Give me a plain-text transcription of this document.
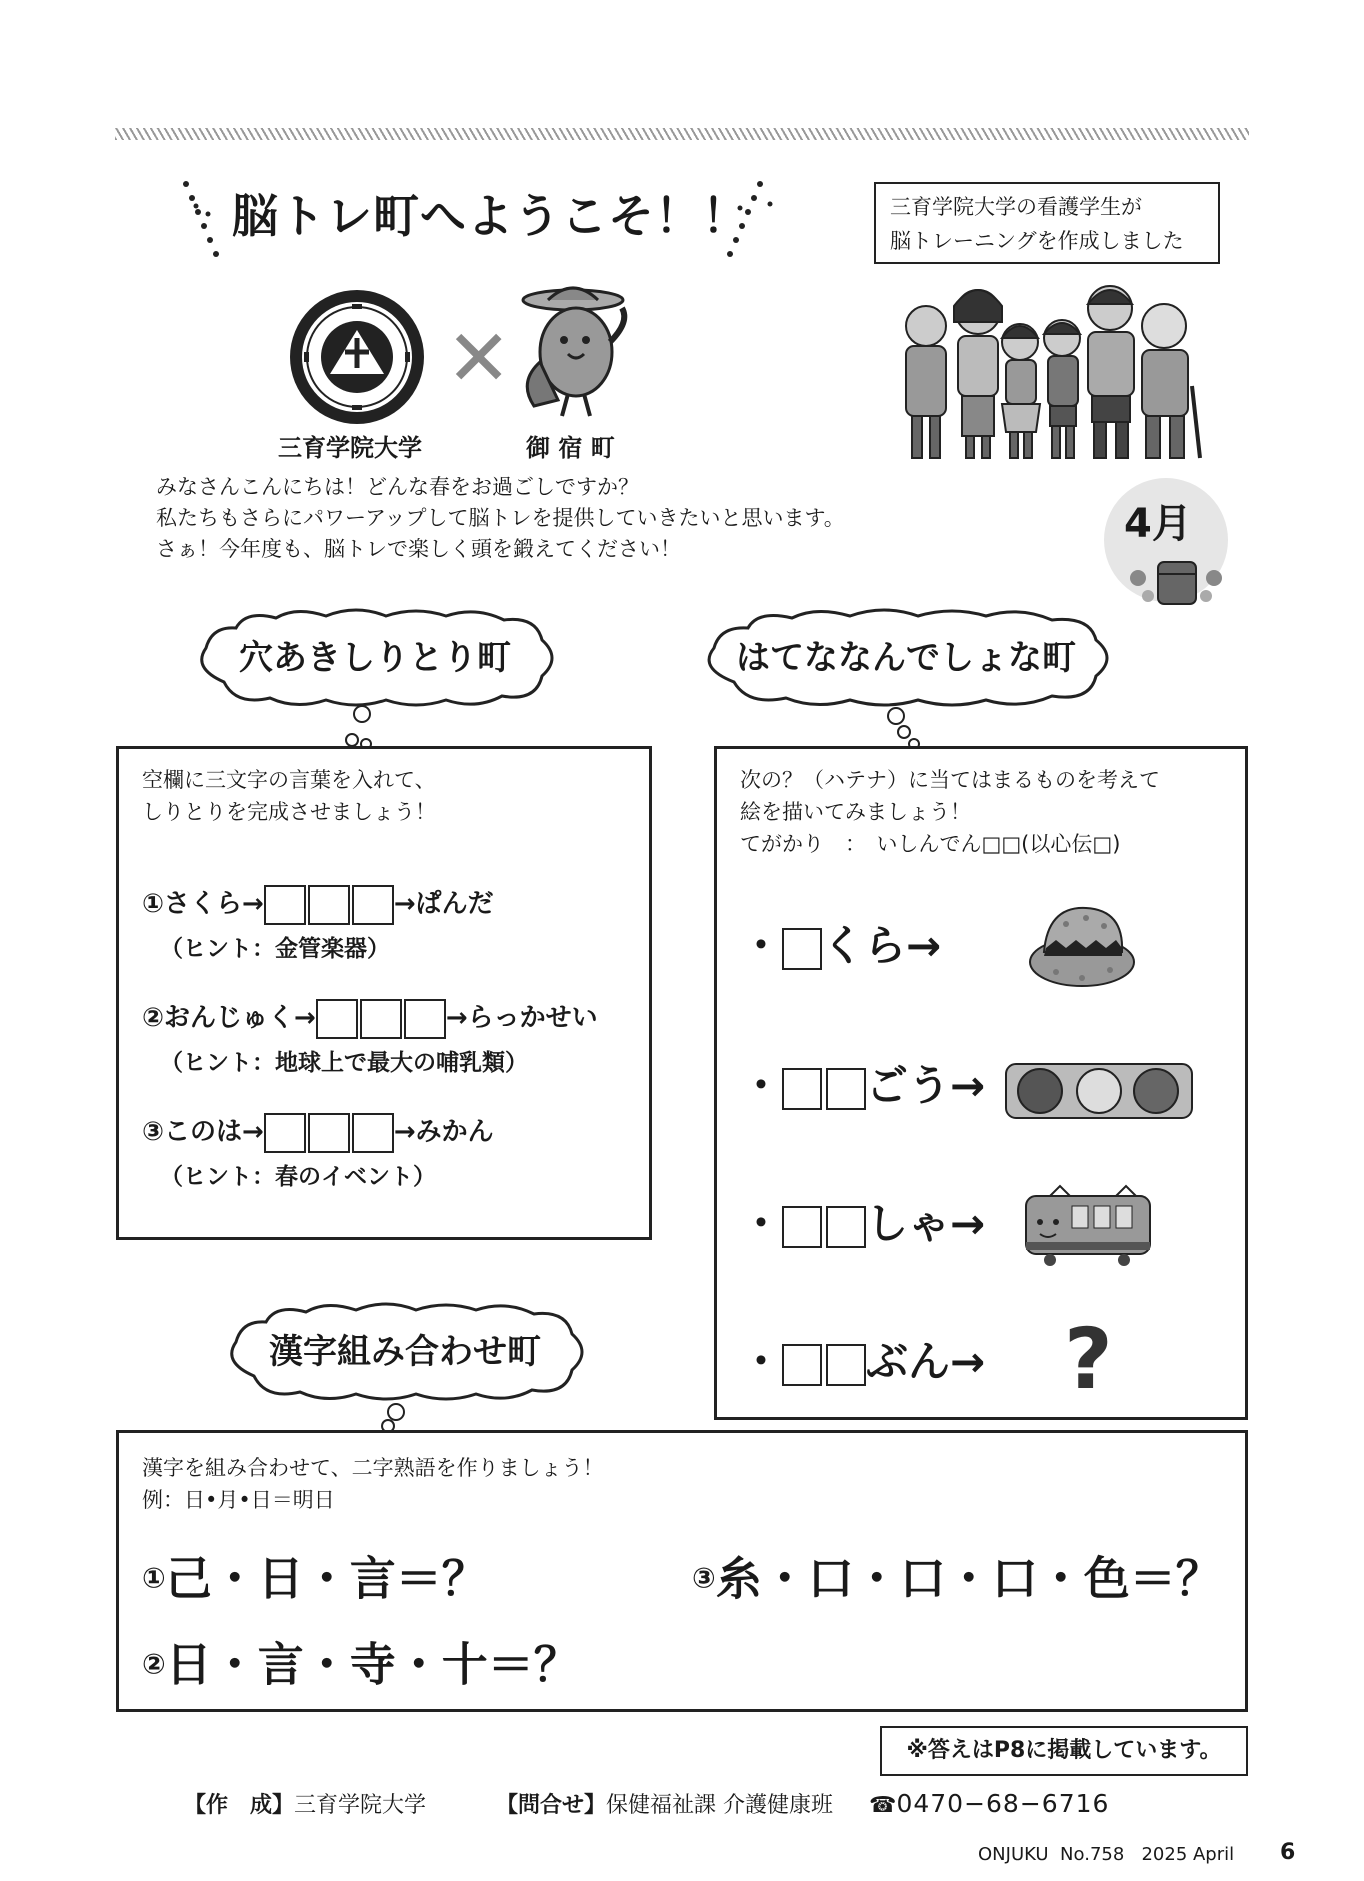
脳トレ町へようこそ！！	三育学院大学の看護学生が
脳トレーニングを作成しました
✕
三育学院大学	御 宿 町
みなさんこんにちは！どんな春をお過ごしですか？
私たちもさらにパワーアップして脳トレを提供していきたいと思います。
さぁ！今年度も、脳トレで楽しく頭を鍛えてください！
4月
穴あきしりとり町
空欄に三文字の言葉を入れて、
しりとりを完成させましょう！
①さくら→	→ぱんだ
（ヒント：金管楽器）
②おんじゅく→	→らっかせい
（ヒント：地球上で最大の哺乳類）
③このは→	→みかん
（ヒント：春のイベント）
はてななんでしょな町
次の？（ハテナ）に当てはまるものを考えて
絵を描いてみましょう！
てがかり　：　いしんでん□□(以心伝□)
・ くら→
・ ごう→
・ しゃ→
・ ぶん→ ?
漢字組み合わせ町
漢字を組み合わせて、二字熟語を作りましょう！
例：日•月•日＝明日
①己・日・言＝？	③糸・口・口・口・色＝？
②日・言・寺・十＝？
※答えはP8に掲載しています。
【作　成】三育学院大学	【問合せ】保健福祉課 介護健康班 ☎0470−68−6716
ONJUKU  No.758   2025 April 6
